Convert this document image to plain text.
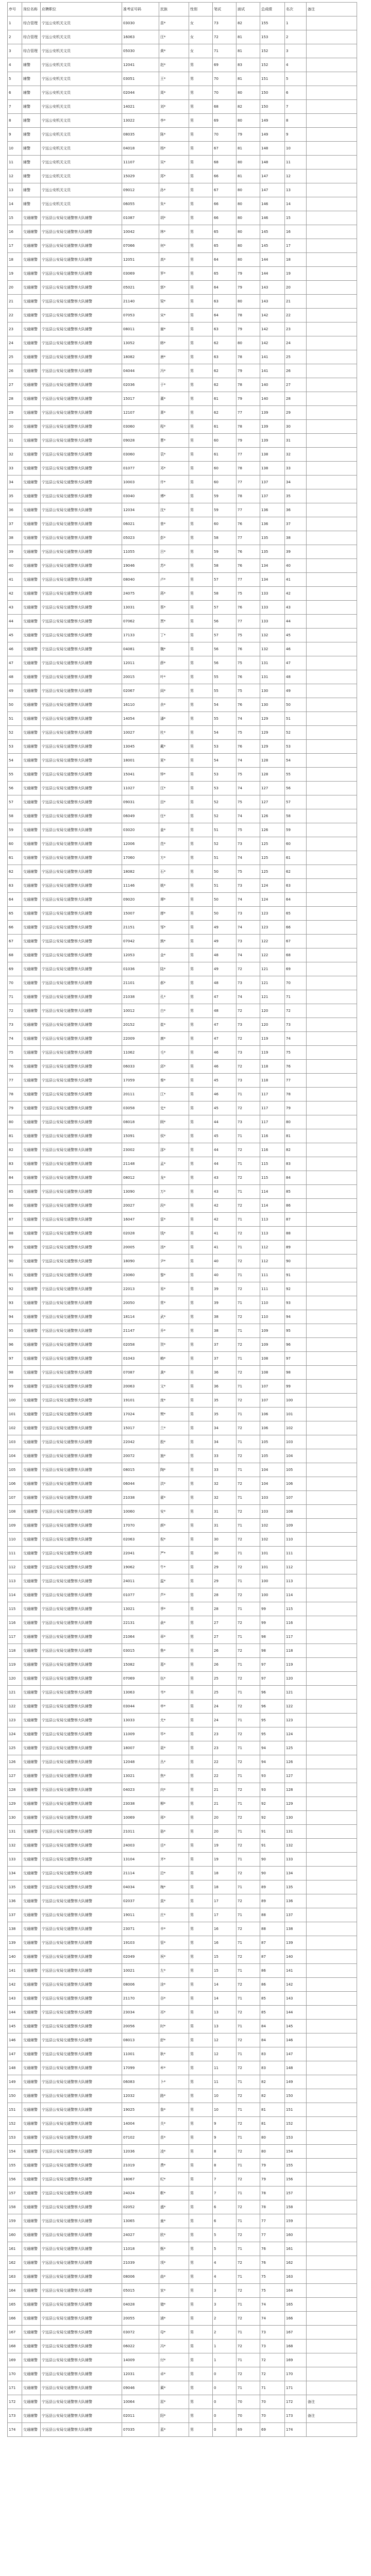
序号	岗位名称	应聘职位	准考证号码	民族	性别	笔试	面试	总成绩	名次	备注

1	综合管理	宁远公安机关文员	03030	苗*	女	73	82	155	1	
2	综合管理	宁远公安机关文员	16063	汪*	女	72	81	153	2	
3	综合管理	宁远公安机关文员	05030	黄*	女	71	81	152	3	
4	辅警	宁远公安机关文员	12041	赵*	男	69	83	152	4	
5	辅警	宁远公安机关文员	03051	王*	男	70	81	151	5	
6	辅警	宁远公安机关文员	02044	周*	男	70	80	150	6	
7	辅警	宁远公安机关文员	14021	刘*	男	68	82	150	7	
8	辅警	宁远公安机关文员	13022	李*	男	69	80	149	8	
9	辅警	宁远公安机关文员	08035	陈*	男	70	79	149	9	
10	辅警	宁远公安机关文员	04018	杨*	男	67	81	148	10	
11	辅警	宁远公安机关文员	11107	吴*	男	68	80	148	11	
12	辅警	宁远公安机关文员	15029	郑*	男	66	81	147	12	
13	辅警	宁远公安机关文员	09012	孙*	男	67	80	147	13	
14	辅警	宁远公安机关文员	06055	朱*	男	66	80	146	14	
15	交通辅警	宁远县公安局交通警察大队辅警	01087	胡*	男	66	80	146	15	
16	交通辅警	宁远县公安局交通警察大队辅警	10042	林*	男	65	80	145	16	
17	交通辅警	宁远县公安局交通警察大队辅警	07066	何*	男	65	80	145	17	
18	交通辅警	宁远县公安局交通警察大队辅警	12051	高*	男	64	80	144	18	
19	交通辅警	宁远县公安局交通警察大队辅警	03069	罗*	男	65	79	144	19	
20	交通辅警	宁远县公安局交通警察大队辅警	05021	郭*	男	64	79	143	20	
21	交通辅警	宁远县公安局交通警察大队辅警	21140	梁*	男	63	80	143	21	
22	交通辅警	宁远县公安局交通警察大队辅警	07053	宋*	男	64	78	142	22	
23	交通辅警	宁远县公安局交通警察大队辅警	08011	谢*	男	63	79	142	23	
24	交通辅警	宁远县公安局交通警察大队辅警	13052	韩*	男	62	80	142	24	
25	交通辅警	宁远县公安局交通警察大队辅警	18082	唐*	男	63	78	141	25	
26	交通辅警	宁远县公安局交通警察大队辅警	04044	冯*	男	62	79	141	26	
27	交通辅警	宁远县公安局交通警察大队辅警	02036	于*	男	62	78	140	27	
28	交通辅警	宁远县公安局交通警察大队辅警	15017	董*	男	61	79	140	28	
29	交通辅警	宁远县公安局交通警察大队辅警	12107	萧*	男	62	77	139	29	
30	交通辅警	宁远县公安局交通警察大队辅警	03060	程*	男	61	78	139	30	
31	交通辅警	宁远县公安局交通警察大队辅警	09028	曹*	男	60	79	139	31	
32	交通辅警	宁远县公安局交通警察大队辅警	03060	袁*	男	61	77	138	32	
33	交通辅警	宁远县公安局交通警察大队辅警	01077	邓*	男	60	78	138	33	
34	交通辅警	宁远县公安局交通警察大队辅警	10003	许*	男	60	77	137	34	
35	交通辅警	宁远县公安局交通警察大队辅警	03040	傅*	男	59	78	137	35	
36	交通辅警	宁远县公安局交通警察大队辅警	12034	沈*	男	59	77	136	36	
37	交通辅警	宁远县公安局交通警察大队辅警	06021	曾*	男	60	76	136	37	
38	交通辅警	宁远县公安局交通警察大队辅警	05023	彭*	男	58	77	135	38	
39	交通辅警	宁远县公安局交通警察大队辅警	11055	吕*	男	59	76	135	39	
40	交通辅警	宁远县公安局交通警察大队辅警	19046	苏*	男	58	76	134	40	
41	交通辅警	宁远县公安局交通警察大队辅警	08040	卢*	男	57	77	134	41	
42	交通辅警	宁远县公安局交通警察大队辅警	24075	蒋*	男	58	75	133	42	
43	交通辅警	宁远县公安局交通警察大队辅警	13031	蔡*	男	57	76	133	43	
44	交通辅警	宁远县公安局交通警察大队辅警	07062	贾*	男	56	77	133	44	
45	交通辅警	宁远县公安局交通警察大队辅警	17133	丁*	男	57	75	132	45	
46	交通辅警	宁远县公安局交通警察大队辅警	04081	魏*	男	56	76	132	46	
47	交通辅警	宁远县公安局交通警察大队辅警	12011	薛*	男	56	75	131	47	
48	交通辅警	宁远县公安局交通警察大队辅警	20015	叶*	男	55	76	131	48	
49	交通辅警	宁远县公安局交通警察大队辅警	02067	阎*	男	55	75	130	49	
50	交通辅警	宁远县公安局交通警察大队辅警	16110	余*	男	54	76	130	50	
51	交通辅警	宁远县公安局交通警察大队辅警	14054	潘*	男	55	74	129	51	
52	交通辅警	宁远县公安局交通警察大队辅警	10027	杜*	男	54	75	129	52	
53	交通辅警	宁远县公安局交通警察大队辅警	13045	戴*	男	53	76	129	53	
54	交通辅警	宁远县公安局交通警察大队辅警	18001	夏*	男	54	74	128	54	
55	交通辅警	宁远县公安局交通警察大队辅警	15041	钟*	男	53	75	128	55	
56	交通辅警	宁远县公安局交通警察大队辅警	11027	汪*	男	53	74	127	56	
57	交通辅警	宁远县公安局交通警察大队辅警	09031	田*	男	52	75	127	57	
58	交通辅警	宁远县公安局交通警察大队辅警	06049	任*	男	52	74	126	58	
59	交通辅警	宁远县公安局交通警察大队辅警	03020	姜*	男	51	75	126	59	
60	交通辅警	宁远县公安局交通警察大队辅警	12006	范*	男	52	73	125	60	
61	交通辅警	宁远县公安局交通警察大队辅警	17060	方*	男	51	74	125	61	
62	交通辅警	宁远县公安局交通警察大队辅警	18082	石*	男	50	75	125	62	
63	交通辅警	宁远县公安局交通警察大队辅警	11146	姚*	男	51	73	124	63	
64	交通辅警	宁远县公安局交通警察大队辅警	09020	谭*	男	50	74	124	64	
65	交通辅警	宁远县公安局交通警察大队辅警	15007	廖*	男	50	73	123	65	
66	交通辅警	宁远县公安局交通警察大队辅警	21151	邹*	男	49	74	123	66	
67	交通辅警	宁远县公安局交通警察大队辅警	07042	熊*	男	49	73	122	67	
68	交通辅警	宁远县公安局交通警察大队辅警	12053	金*	男	48	74	122	68	
69	交通辅警	宁远县公安局交通警察大队辅警	01036	陆*	男	49	72	121	69	
70	交通辅警	宁远县公安局交通警察大队辅警	21101	郝*	男	48	73	121	70	
71	交通辅警	宁远县公安局交通警察大队辅警	21038	孔*	男	47	74	121	71	
72	交通辅警	宁远县公安局交通警察大队辅警	10012	白*	男	48	72	120	72	
73	交通辅警	宁远县公安局交通警察大队辅警	20152	崔*	男	47	73	120	73	
74	交通辅警	宁远县公安局交通警察大队辅警	22009	康*	男	47	72	119	74	
75	交通辅警	宁远县公安局交通警察大队辅警	11062	毛*	男	46	73	119	75	
76	交通辅警	宁远县公安局交通警察大队辅警	06033	邱*	男	46	72	118	76	
77	交通辅警	宁远县公安局交通警察大队辅警	17059	秦*	男	45	73	118	77	
78	交通辅警	宁远县公安局交通警察大队辅警	20111	江*	男	46	71	117	78	
79	交通辅警	宁远县公安局交通警察大队辅警	03058	史*	男	45	72	117	79	
80	交通辅警	宁远县公安局交通警察大队辅警	08018	顾*	男	44	73	117	80	
81	交通辅警	宁远县公安局交通警察大队辅警	15091	侯*	男	45	71	116	81	
82	交通辅警	宁远县公安局交通警察大队辅警	23002	邵*	男	44	72	116	82	
83	交通辅警	宁远县公安局交通警察大队辅警	21148	孟*	男	44	71	115	83	
84	交通辅警	宁远县公安局交通警察大队辅警	08012	龙*	男	43	72	115	84	
85	交通辅警	宁远县公安局交通警察大队辅警	13090	万*	男	43	71	114	85	
86	交通辅警	宁远县公安局交通警察大队辅警	20027	段*	男	42	72	114	86	
87	交通辅警	宁远县公安局交通警察大队辅警	16047	雷*	男	42	71	113	87	
88	交通辅警	宁远县公安局交通警察大队辅警	02028	钱*	男	41	72	113	88	
89	交通辅警	宁远县公安局交通警察大队辅警	20005	汤*	男	41	71	112	89	
90	交通辅警	宁远县公安局交通警察大队辅警	18090	尹*	男	40	72	112	90	
91	交通辅警	宁远县公安局交通警察大队辅警	23060	黎*	男	40	71	111	91	
92	交通辅警	宁远县公安局交通警察大队辅警	22013	易*	男	39	72	111	92	
93	交通辅警	宁远县公安局交通警察大队辅警	20050	常*	男	39	71	110	93	
94	交通辅警	宁远县公安局交通警察大队辅警	18114	武*	男	38	72	110	94	
95	交通辅警	宁远县公安局交通警察大队辅警	21147	乔*	男	38	71	109	95	
96	交通辅警	宁远县公安局交通警察大队辅警	02058	贺*	男	37	72	109	96	
97	交通辅警	宁远县公安局交通警察大队辅警	01043	赖*	男	37	71	108	97	
98	交通辅警	宁远县公安局交通警察大队辅警	07087	龚*	男	36	72	108	98	
99	交通辅警	宁远县公安局交通警察大队辅警	20063	文*	男	36	71	107	99	
100	交通辅警	宁远县公安局交通警察大队辅警	19101	庞*	男	35	72	107	100	
101	交通辅警	宁远县公安局交通警察大队辅警	17024	樊*	男	35	71	106	101	
102	交通辅警	宁远县公安局交通警察大队辅警	15017	兰*	男	34	72	106	102	
103	交通辅警	宁远县公安局交通警察大队辅警	22042	殷*	男	34	71	105	103	
104	交通辅警	宁远县公安局交通警察大队辅警	20072	施*	男	33	72	105	104	
105	交通辅警	宁远县公安局交通警察大队辅警	08015	陶*	男	33	71	104	105	
106	交通辅警	宁远县公安局交通警察大队辅警	06044	洪*	男	32	72	104	106	
107	交通辅警	宁远县公安局交通警察大队辅警	21038	翟*	男	32	71	103	107	
108	交通辅警	宁远县公安局交通警察大队辅警	10060	安*	男	31	72	103	108	
109	交通辅警	宁远县公安局交通警察大队辅警	17070	颜*	男	31	71	102	109	
110	交通辅警	宁远县公安局交通警察大队辅警	02063	倪*	男	30	72	102	110	
111	交通辅警	宁远县公安局交通警察大队辅警	22041	严*	男	30	71	101	111	
112	交通辅警	宁远县公安局交通警察大队辅警	19062	牛*	男	29	72	101	112	
113	交通辅警	宁远县公安局交通警察大队辅警	24011	温*	男	29	71	100	113	
114	交通辅警	宁远县公安局交通警察大队辅警	01077	芦*	男	28	72	100	114	
115	交通辅警	宁远县公安局交通警察大队辅警	13021	季*	男	28	71	99	115	
116	交通辅警	宁远县公安局交通警察大队辅警	22131	俞*	男	27	72	99	116	
117	交通辅警	宁远县公安局交通警察大队辅警	21064	章*	男	27	71	98	117	
118	交通辅警	宁远县公安局交通警察大队辅警	03015	鲁*	男	26	72	98	118	
119	交通辅警	宁远县公安局交通警察大队辅警	15082	葛*	男	26	71	97	119	
120	交通辅警	宁远县公安局交通警察大队辅警	07069	伍*	男	25	72	97	120	
121	交通辅警	宁远县公安局交通警察大队辅警	13063	韦*	男	25	71	96	121	
122	交通辅警	宁远县公安局交通警察大队辅警	03044	申*	男	24	72	96	122	
123	交通辅警	宁远县公安局交通警察大队辅警	13033	尤*	男	24	71	95	123	
124	交通辅警	宁远县公安局交通警察大队辅警	11009	毕*	男	23	72	95	124	
125	交通辅警	宁远县公安局交通警察大队辅警	18007	聂*	男	23	71	94	125	
126	交通辅警	宁远县公安局交通警察大队辅警	12048	丛*	男	22	72	94	126	
127	交通辅警	宁远县公安局交通警察大队辅警	13021	焦*	男	22	71	93	127	
128	交通辅警	宁远县公安局交通警察大队辅警	04023	向*	男	21	72	93	128	
129	交通辅警	宁远县公安局交通警察大队辅警	23038	柳*	男	21	71	92	129	
130	交通辅警	宁远县公安局交通警察大队辅警	10069	邢*	男	20	72	92	130	
131	交通辅警	宁远县公安局交通警察大队辅警	21011	骆*	男	20	71	91	131	
132	交通辅警	宁远县公安局交通警察大队辅警	24003	岳*	男	19	72	91	132	
133	交通辅警	宁远县公安局交通警察大队辅警	13104	齐*	男	19	71	90	133	
134	交通辅警	宁远县公安局交通警察大队辅警	21114	沿*	男	18	72	90	134	
135	交通辅警	宁远县公安局交通警察大队辅警	04034	梅*	男	18	71	89	135	
136	交通辅警	宁远县公安局交通警察大队辅警	02037	莫*	男	17	72	89	136	
137	交通辅警	宁远县公安局交通警察大队辅警	19011	庄*	男	17	71	88	137	
138	交通辅警	宁远县公安局交通警察大队辅警	23071	辛*	男	16	72	88	138	
139	交通辅警	宁远县公安局交通警察大队辅警	19103	管*	男	16	71	87	139	
140	交通辅警	宁远县公安局交通警察大队辅警	02049	祝*	男	15	72	87	140	
141	交通辅警	宁远县公安局交通警察大队辅警	10021	左*	男	15	71	86	141	
142	交通辅警	宁远县公安局交通警察大队辅警	08006	涂*	男	14	72	86	142	
143	交通辅警	宁远县公安局交通警察大队辅警	21170	谷*	男	14	71	85	143	
144	交通辅警	宁远县公安局交通警察大队辅警	23034	祁*	男	13	72	85	144	
145	交通辅警	宁远县公安局交通警察大队辅警	20056	时*	男	13	71	84	145	
146	交通辅警	宁远县公安局交通警察大队辅警	08013	舒*	男	12	72	84	146	
147	交通辅警	宁远县公安局交通警察大队辅警	11001	耿*	男	12	71	83	147	
148	交通辅警	宁远县公安局交通警察大队辅警	17099	牟*	男	11	72	83	148	
149	交通辅警	宁远县公安局交通警察大队辅警	06083	卜*	男	11	71	82	149	
150	交通辅警	宁远县公安局交通警察大队辅警	12032	路*	男	10	72	82	150	
151	交通辅警	宁远县公安局交通警察大队辅警	19025	詹*	男	10	71	81	151	
152	交通辅警	宁远县公安局交通警察大队辅警	14004	关*	男	9	72	81	152	
153	交通辅警	宁远县公安局交通警察大队辅警	07102	苗*	男	9	71	80	153	
154	交通辅警	宁远县公安局交通警察大队辅警	12036	凌*	男	8	72	80	154	
155	交通辅警	宁远县公安局交通警察大队辅警	21019	费*	男	8	71	79	155	
156	交通辅警	宁远县公安局交通警察大队辅警	18067	纪*	男	7	72	79	156	
157	交通辅警	宁远县公安局交通警察大队辅警	24024	靳*	男	7	71	78	157	
158	交通辅警	宁远县公安局交通警察大队辅警	02052	盛*	男	6	72	78	158	
159	交通辅警	宁远县公安局交通警察大队辅警	13065	童*	男	6	71	77	159	
160	交通辅警	宁远县公安局交通警察大队辅警	24027	欧*	男	5	72	77	160	
161	交通辅警	宁远县公安局交通警察大队辅警	11018	甄*	男	5	71	76	161	
162	交通辅警	宁远县公安局交通警察大队辅警	21039	项*	男	4	72	76	162	
163	交通辅警	宁远县公安局交通警察大队辅警	08006	曲*	男	4	71	75	163	
164	交通辅警	宁远县公安局交通警察大队辅警	05015	家*	男	3	72	75	164	
165	交通辅警	宁远县公安局交通警察大队辅警	04028	储*	男	3	71	74	165	
166	交通辅警	宁远县公安局交通警察大队辅警	20055	浦*	男	2	72	74	166	
167	交通辅警	宁远县公安局交通警察大队辅警	03072	母*	男	2	71	73	167	
168	交通辅警	宁远县公安局交通警察大队辅警	06022	冯*	男	1	72	73	168	
169	交通辅警	宁远县公安局交通警察大队辅警	14009	付*	男	1	71	72	169	
170	交通辅警	宁远县公安局交通警察大队辅警	12031	卓*	男	0	72	72	170	
171	交通辅警	宁远县公安局交通警察大队辅警	09046	蔺*	男	0	71	71	171	
172	交通辅警	宁远县公安局交通警察大队辅警	10064	屈*	男	0	70	70	172	备注
173	交通辅警	宁远县公安局交通警察大队辅警	02011	阳*	男	0	70	70	173	备注
174	交通辅警	宁远县公安局交通警察大队辅警	07035	蓝*	男	0	69	69	174	
